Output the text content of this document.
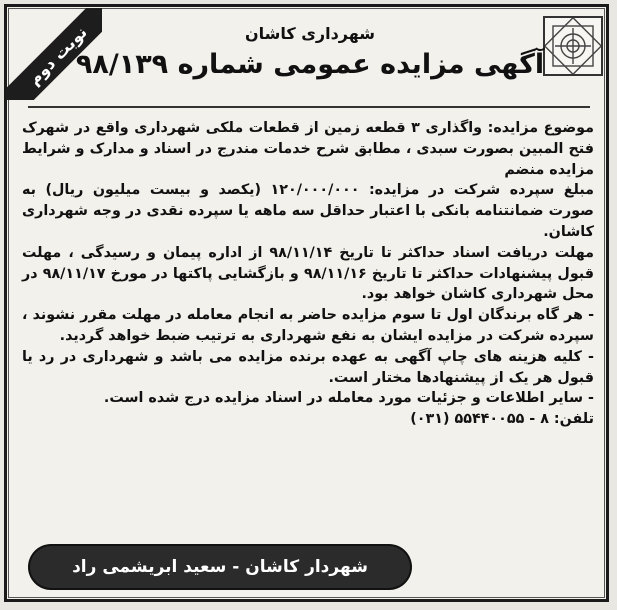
نوبت دوم	شهرداری کاشان
آگهی مزایده عمومی شماره ۹۸/۱۳۹

موضوع مزایده: واگذاری ۳ قطعه زمین از قطعات ملکی شهرداری واقع در شهرک فتح المبین بصورت سبدی ، مطابق شرح خدمات مندرج در اسناد و مدارک و شرایط مزایده منضم

مبلغ سپرده شرکت در مزایده: ۱۲۰/۰۰۰/۰۰۰ (یکصد و بیست میلیون ریال) به صورت ضمانتنامه بانکی با اعتبار حداقل سه ماهه یا سپرده نقدی در وجه شهرداری کاشان.

مهلت دریافت اسناد حداکثر تا تاریخ ۹۸/۱۱/۱۴ از اداره پیمان و رسیدگی ، مهلت قبول پیشنهادات حداکثر تا تاریخ ۹۸/۱۱/۱۶ و بازگشایی پاکتها در مورخ ۹۸/۱۱/۱۷ در محل شهرداری کاشان خواهد بود.

- هر گاه برندگان اول تا سوم مزایده حاضر به انجام معامله در مهلت مقرر نشوند ، سپرده شرکت در مزایده ایشان به نفع شهرداری به ترتیب ضبط خواهد گردید.

- کلیه هزینه های چاپ آگهی به عهده برنده مزایده می باشد و شهرداری در رد یا قبول هر یک از پیشنهادها مختار است.

- سایر اطلاعات و جزئیات مورد معامله در اسناد مزایده درج شده است.

تلفن: ۸ - ۵۵۴۴۰۰۵۵ (۰۳۱)

شهردار کاشان - سعید ابریشمی راد
